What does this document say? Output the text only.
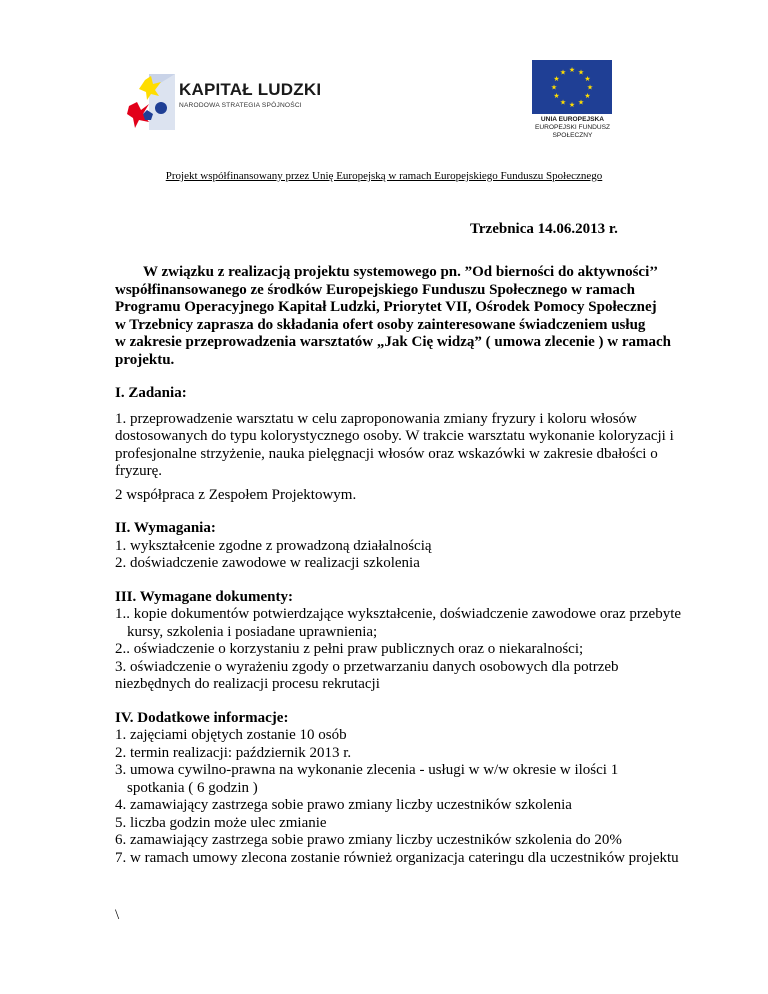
KAPITAŁ LUDZKI
NARODOWA STRATEGIA SPÓJNOŚCI
★ ★
★
★
★
★
★
★
★
★
★
★
UNIA EUROPEJSKA
EUROPEJSKI FUNDUSZ
SPOŁECZNY
Projekt współfinansowany przez Unię Europejską w ramach Europejskiego Funduszu Społecznego
Trzebnica 14.06.2013 r.

W związku z realizacją projektu systemowego pn. ”Od bierności do aktywności’’
współfinansowanego ze środków Europejskiego Funduszu Społecznego w ramach
Programu Operacyjnego Kapitał Ludzki, Priorytet VII, Ośrodek Pomocy Społecznej
w Trzebnicy zaprasza do składania ofert osoby zainteresowane świadczeniem usług
w zakresie przeprowadzenia warsztatów „Jak Cię widzą” ( umowa zlecenie ) w ramach
projektu.

I. Zadania:

1. przeprowadzenie warsztatu w celu zaproponowania zmiany fryzury i koloru włosów
dostosowanych do typu kolorystycznego osoby. W trakcie warsztatu wykonanie koloryzacji i
profesjonalne strzyżenie, nauka pielęgnacji włosów oraz wskazówki w zakresie dbałości o
fryzurę.

2 współpraca z Zespołem Projektowym.

II. Wymagania:

1. wykształcenie zgodne z prowadzoną działalnością

2. doświadczenie zawodowe w realizacji szkolenia

III. Wymagane dokumenty:

1.. kopie dokumentów potwierdzające wykształcenie, doświadczenie zawodowe oraz przebyte

kursy, szkolenia i posiadane uprawnienia;

2.. oświadczenie o korzystaniu z pełni praw publicznych oraz o niekaralności;

3. oświadczenie o wyrażeniu zgody o przetwarzaniu danych osobowych dla potrzeb

niezbędnych do realizacji procesu rekrutacji

IV. Dodatkowe informacje:

1. zajęciami objętych zostanie 10 osób

2. termin realizacji: październik 2013 r.

3. umowa cywilno-prawna na wykonanie zlecenia - usługi w w/w okresie w ilości 1

spotkania ( 6 godzin )

4. zamawiający zastrzega sobie prawo zmiany liczby uczestników szkolenia

5. liczba godzin może ulec zmianie

6. zamawiający zastrzega sobie prawo zmiany liczby uczestników szkolenia do 20%

7. w ramach umowy zlecona zostanie również organizacja cateringu dla uczestników projektu

\
